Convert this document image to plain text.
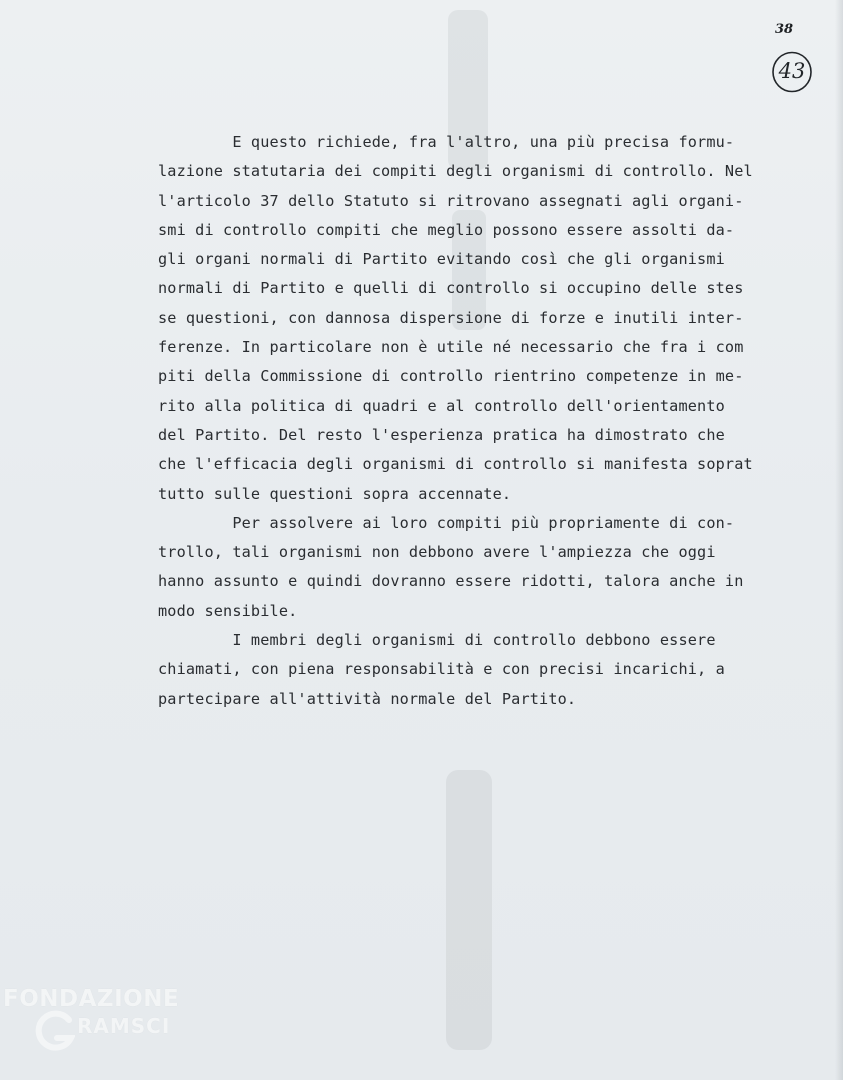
38
43
E questo richiede, fra l'altro, una più precisa formu-
lazione statutaria dei compiti degli organismi di controllo. Nel
l'articolo 37 dello Statuto si ritrovano assegnati agli organi-
smi di controllo compiti che meglio possono essere assolti da-
gli organi normali di Partito evitando così che gli organismi
normali di Partito e quelli di controllo si occupino delle stes
se questioni, con dannosa dispersione di forze e inutili inter-
ferenze. In particolare non è utile né necessario che fra i com
piti della Commissione di controllo rientrino competenze in me-
rito alla politica di quadri e al controllo dell'orientamento
del Partito. Del resto l'esperienza pratica ha dimostrato che
che l'efficacia degli organismi di controllo si manifesta soprat
tutto sulle questioni sopra accennate.
Per assolvere ai loro compiti più propriamente di con-
trollo, tali organismi non debbono avere l'ampiezza che oggi
hanno assunto e quindi dovranno essere ridotti, talora anche in
modo sensibile.
I membri degli organismi di controllo debbono essere
chiamati, con piena responsabilità e con precisi incarichi, a
partecipare all'attività normale del Partito.
FONDAZIONE
RAMSCI
